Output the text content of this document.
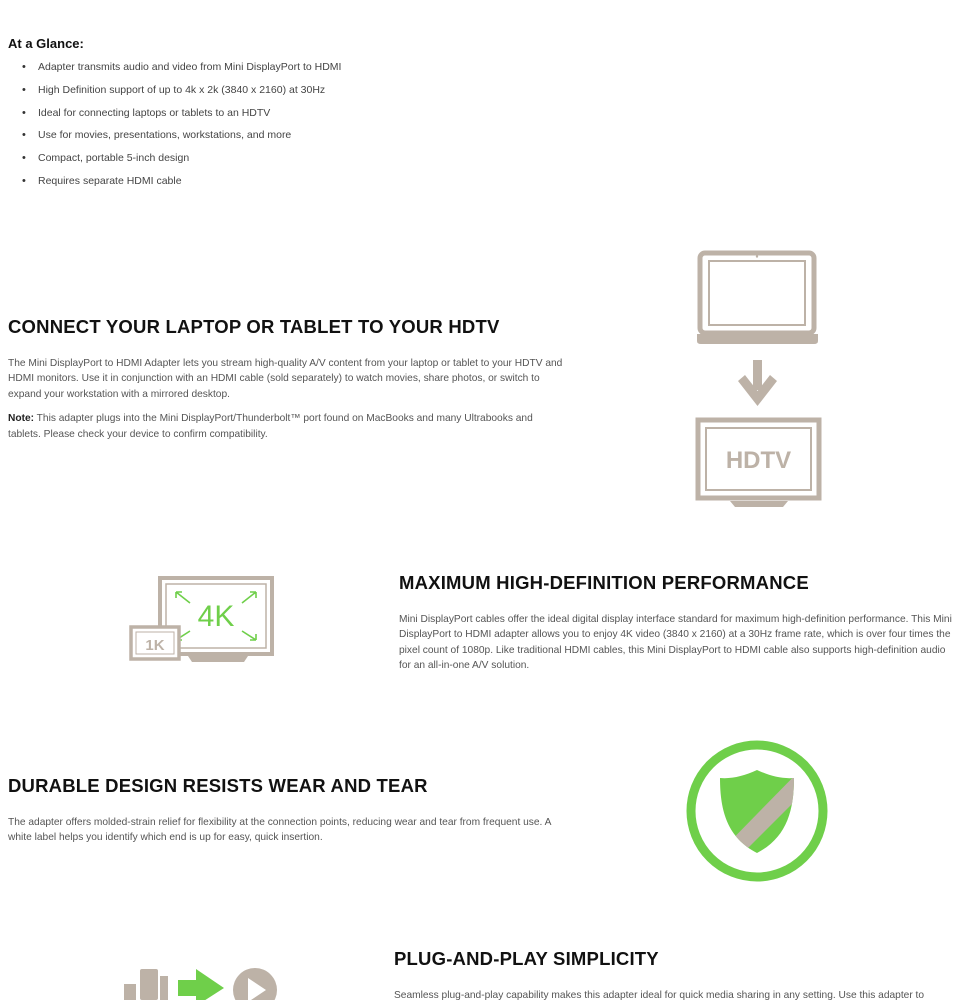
At a Glance:
• Adapter transmits audio and video from Mini DisplayPort to HDMI
• High Definition support of up to 4k x 2k (3840 x 2160) at 30Hz
• Ideal for connecting laptops or tablets to an HDTV
• Use for movies, presentations, workstations, and more
• Compact, portable 5-inch design
• Requires separate HDMI cable
CONNECT YOUR LAPTOP OR TABLET TO YOUR HDTV

The Mini DisplayPort to HDMI Adapter lets you stream high-quality A/V content from your laptop or tablet to your HDTV and HDMI monitors. Use it in conjunction with an HDMI cable (sold separately) to watch movies, share photos, or switch to expand your workstation with a mirrored desktop.

Note: This adapter plugs into the Mini DisplayPort/Thunderbolt™ port found on MacBooks and many Ultrabooks and tablets. Please check your device to confirm compatibility.

HDTV
4K
1K
MAXIMUM HIGH-DEFINITION PERFORMANCE

Mini DisplayPort cables offer the ideal digital display interface standard for maximum high-definition performance. This Mini DisplayPort to HDMI adapter allows you to enjoy 4K video (3840 x 2160) at a 30Hz frame rate, which is over four times the pixel count of 1080p. Like traditional HDMI cables, this Mini DisplayPort to HDMI cable also supports high-definition audio for an all-in-one A/V solution.

DURABLE DESIGN RESISTS WEAR AND TEAR

The adapter offers molded-strain relief for flexibility at the connection points, reducing wear and tear from frequent use. A white label helps you identify which end is up for easy, quick insertion.

PLUG-AND-PLAY SIMPLICITY

Seamless plug-and-play capability makes this adapter ideal for quick media sharing in any setting. Use this adapter to
